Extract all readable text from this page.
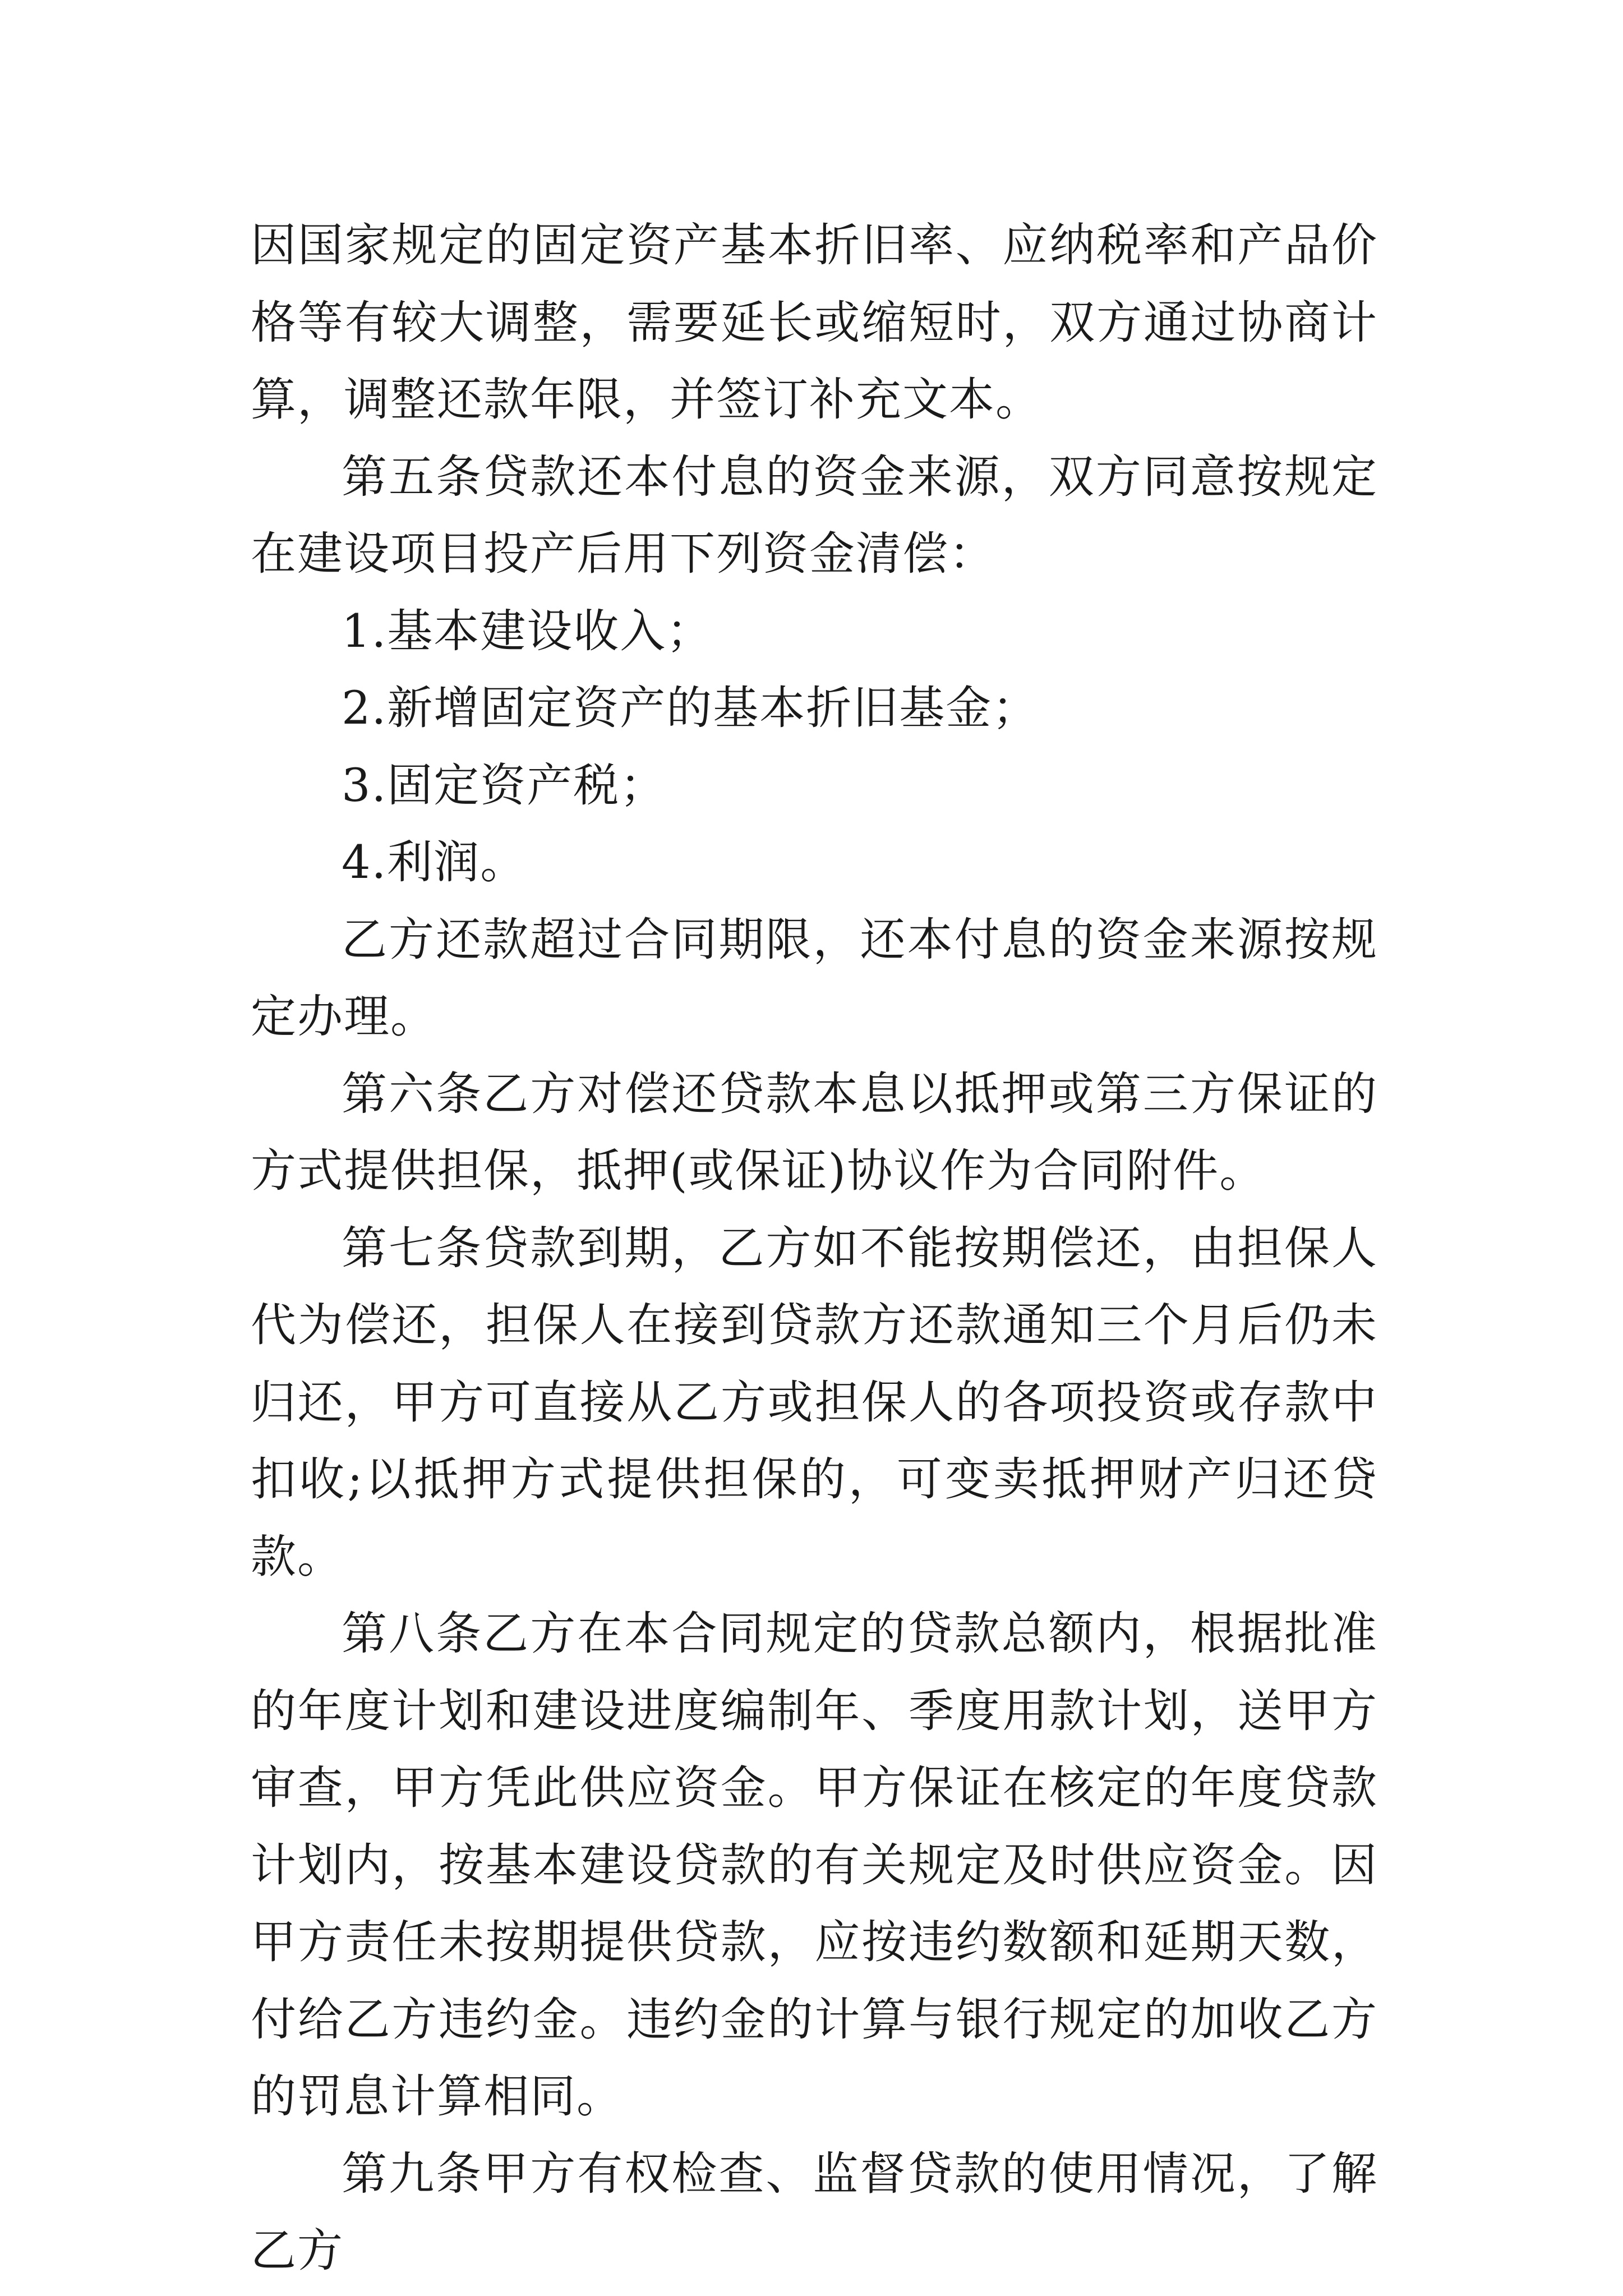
因国家规定的固定资产基本折旧率、应纳税率和产品价格等有较大调整，需要延长或缩短时，双方通过协商计算，调整还款年限，并签订补充文本。

第五条贷款还本付息的资金来源，双方同意按规定在建设项目投产后用下列资金清偿：

1.基本建设收入；

2.新增固定资产的基本折旧基金；

3.固定资产税；

4.利润。

乙方还款超过合同期限，还本付息的资金来源按规定办理。

第六条乙方对偿还贷款本息以抵押或第三方保证的方式提供担保，抵押(或保证)协议作为合同附件。

第七条贷款到期，乙方如不能按期偿还，由担保人代为偿还，担保人在接到贷款方还款通知三个月后仍未归还，甲方可直接从乙方或担保人的各项投资或存款中扣收;以抵押方式提供担保的，可变卖抵押财产归还贷款。

第八条乙方在本合同规定的贷款总额内，根据批准的年度计划和建设进度编制年、季度用款计划，送甲方审查，甲方凭此供应资金。甲方保证在核定的年度贷款计划内，按基本建设贷款的有关规定及时供应资金。因甲方责任未按期提供贷款，应按违约数额和延期天数，付给乙方违约金。违约金的计算与银行规定的加收乙方的罚息计算相同。

第九条甲方有权检查、监督贷款的使用情况，了解乙方
